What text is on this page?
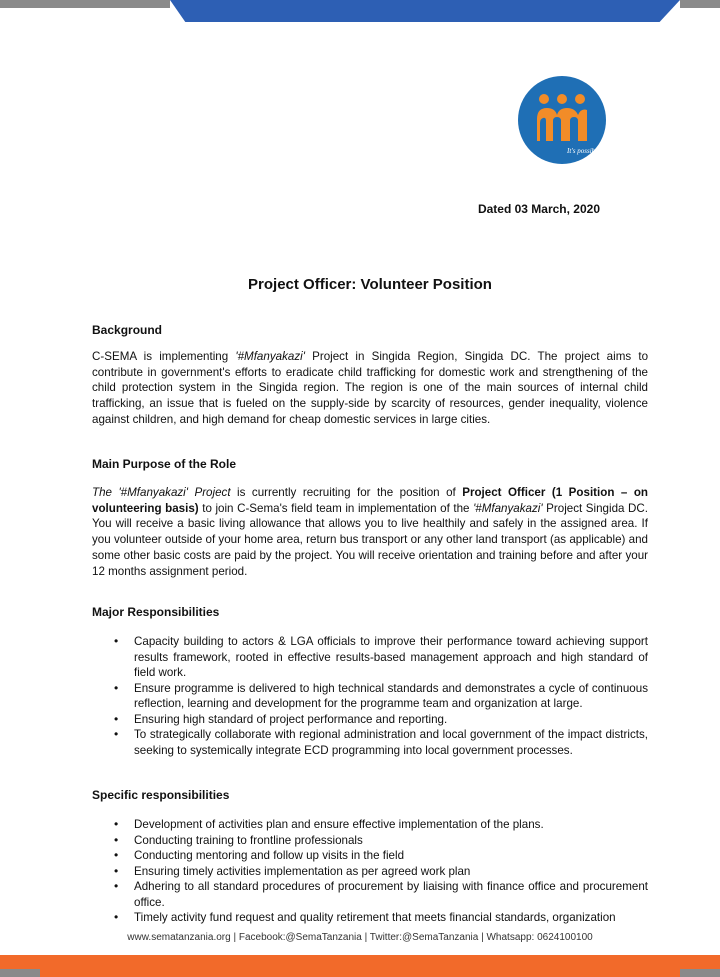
It's possible
Dated 03 March, 2020
Project Officer: Volunteer Position
Background

C-SEMA is implementing '#Mfanyakazi' Project in Singida Region, Singida DC. The project aims to contribute in government's efforts to eradicate child trafficking for domestic work and strengthening of the child protection system in the Singida region. The region is one of the main sources of internal child trafficking, an issue that is fueled on the supply-side by scarcity of resources, gender inequality, violence against children, and high demand for cheap domestic services in large cities.

Main Purpose of the Role

The '#Mfanyakazi' Project is currently recruiting for the position of Project Officer (1 Position – on volunteering basis) to join C-Sema's field team in implementation of the '#Mfanyakazi' Project Singida DC. You will receive a basic living allowance that allows you to live healthily and safely in the assigned area. If you volunteer outside of your home area, return bus transport or any other land transport (as applicable) and some other basic costs are paid by the project. You will receive orientation and training before and after your 12 months assignment period.

Major Responsibilities
• Capacity building to actors & LGA officials to improve their performance toward achieving support results framework, rooted in effective results-based management approach and high standard of field work.
• Ensure programme is delivered to high technical standards and demonstrates a cycle of continuous reflection, learning and development for the programme team and organization at large.
• Ensuring high standard of project performance and reporting.
• To strategically collaborate with regional administration and local government of the impact districts, seeking to systemically integrate ECD programming into local government processes.
Specific responsibilities
• Development of activities plan and ensure effective implementation of the plans.
• Conducting training to frontline professionals
• Conducting mentoring and follow up visits in the field
• Ensuring timely activities implementation as per agreed work plan
• Adhering to all standard procedures of procurement by liaising with finance office and procurement office.
• Timely activity fund request and quality retirement that meets financial standards, organization
www.sematanzania.org | Facebook:@SemaTanzania | Twitter:@SemaTanzania | Whatsapp: 0624100100
